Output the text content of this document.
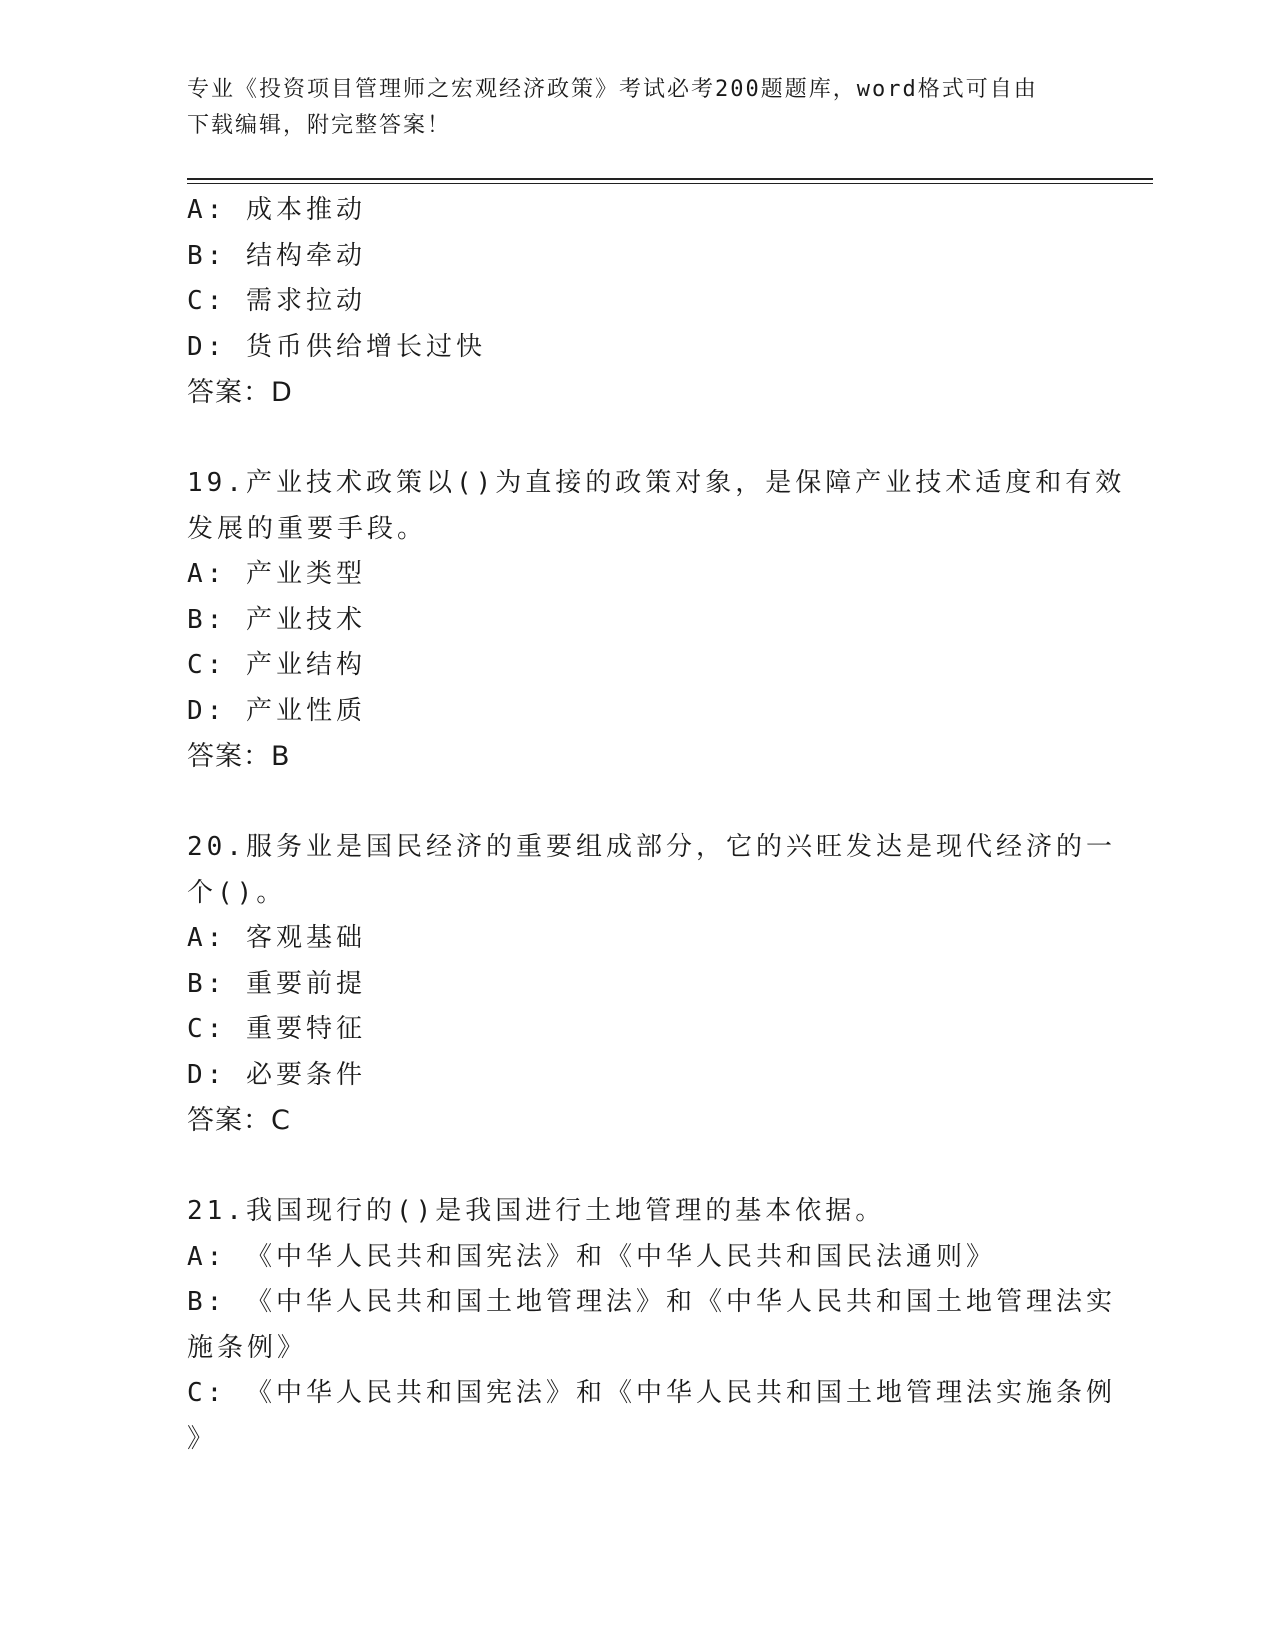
专业《投资项目管理师之宏观经济政策》考试必考200题题库，word格式可自由
下载编辑，附完整答案！
A: 成本推动
B: 结构牵动
C: 需求拉动
D: 货币供给增长过快
答案：D
19.产业技术政策以()为直接的政策对象，是保障产业技术适度和有效
发展的重要手段。
A: 产业类型
B: 产业技术
C: 产业结构
D: 产业性质
答案：B
20.服务业是国民经济的重要组成部分，它的兴旺发达是现代经济的一
个()。
A: 客观基础
B: 重要前提
C: 重要特征
D: 必要条件
答案：C
21.我国现行的()是我国进行土地管理的基本依据。
A: 《中华人民共和国宪法》和《中华人民共和国民法通则》
B: 《中华人民共和国土地管理法》和《中华人民共和国土地管理法实
施条例》
C: 《中华人民共和国宪法》和《中华人民共和国土地管理法实施条例
》
